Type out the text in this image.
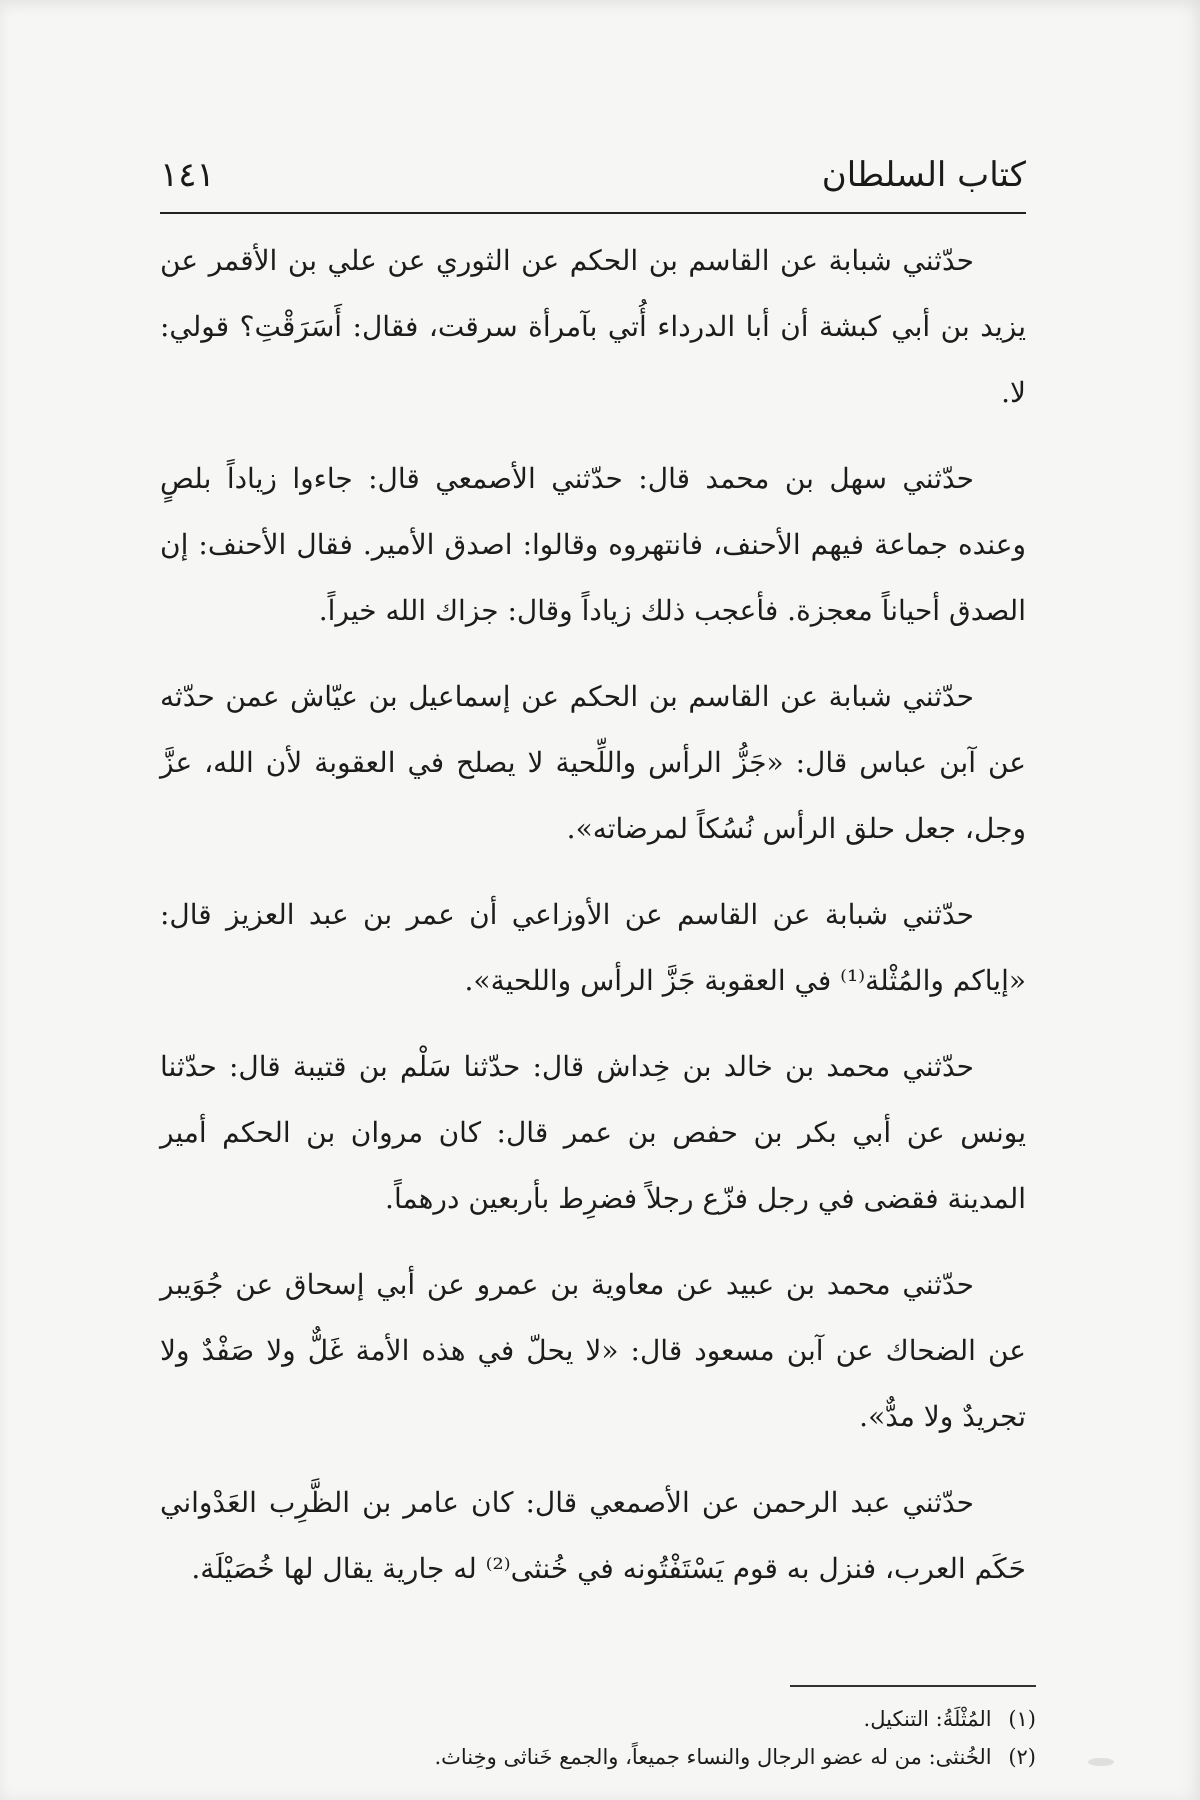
كتاب السلطان
١٤١

حدّثني شبابة عن القاسم بن الحكم عن الثوري عن علي بن الأقمر عن يزيد بن أبي كبشة أن أبا الدرداء أُتي بآمرأة سرقت، فقال: أَسَرَقْتِ؟ قولي: لا.

حدّثني سهل بن محمد قال: حدّثني الأصمعي قال: جاءوا زياداً بلصٍ وعنده جماعة فيهم الأحنف، فانتهروه وقالوا: اصدق الأمير. فقال الأحنف: إن الصدق أحياناً معجزة. فأعجب ذلك زياداً وقال: جزاك الله خيراً.

حدّثني شبابة عن القاسم بن الحكم عن إسماعيل بن عيّاش عمن حدّثه عن آبن عباس قال: «جَزُّ الرأس واللِّحية لا يصلح في العقوبة لأن الله، عزَّ وجل، جعل حلق الرأس نُسُكاً لمرضاته».

حدّثني شبابة عن القاسم عن الأوزاعي أن عمر بن عبد العزيز قال: «إياكم والمُثْلة⁽¹⁾ في العقوبة جَزَّ الرأس واللحية».

حدّثني محمد بن خالد بن خِداش قال: حدّثنا سَلْم بن قتيبة قال: حدّثنا يونس عن أبي بكر بن حفص بن عمر قال: كان مروان بن الحكم أمير المدينة فقضى في رجل فزّع رجلاً فضرِط بأربعين درهماً.

حدّثني محمد بن عبيد عن معاوية بن عمرو عن أبي إسحاق عن جُوَيبر عن الضحاك عن آبن مسعود قال: «لا يحلّ في هذه الأمة غَلٌّ ولا صَفْدٌ ولا تجريدٌ ولا مدٌّ».

حدّثني عبد الرحمن عن الأصمعي قال: كان عامر بن الظَّرِب العَدْواني حَكَم العرب، فنزل به قوم يَسْتَفْتُونه في خُنثى⁽²⁾ له جارية يقال لها خُصَيْلَة.

(١) المُثْلَةُ: التنكيل.

(٢) الخُنثى: من له عضو الرجال والنساء جميعاً، والجمع خَناثى وخِناث.
